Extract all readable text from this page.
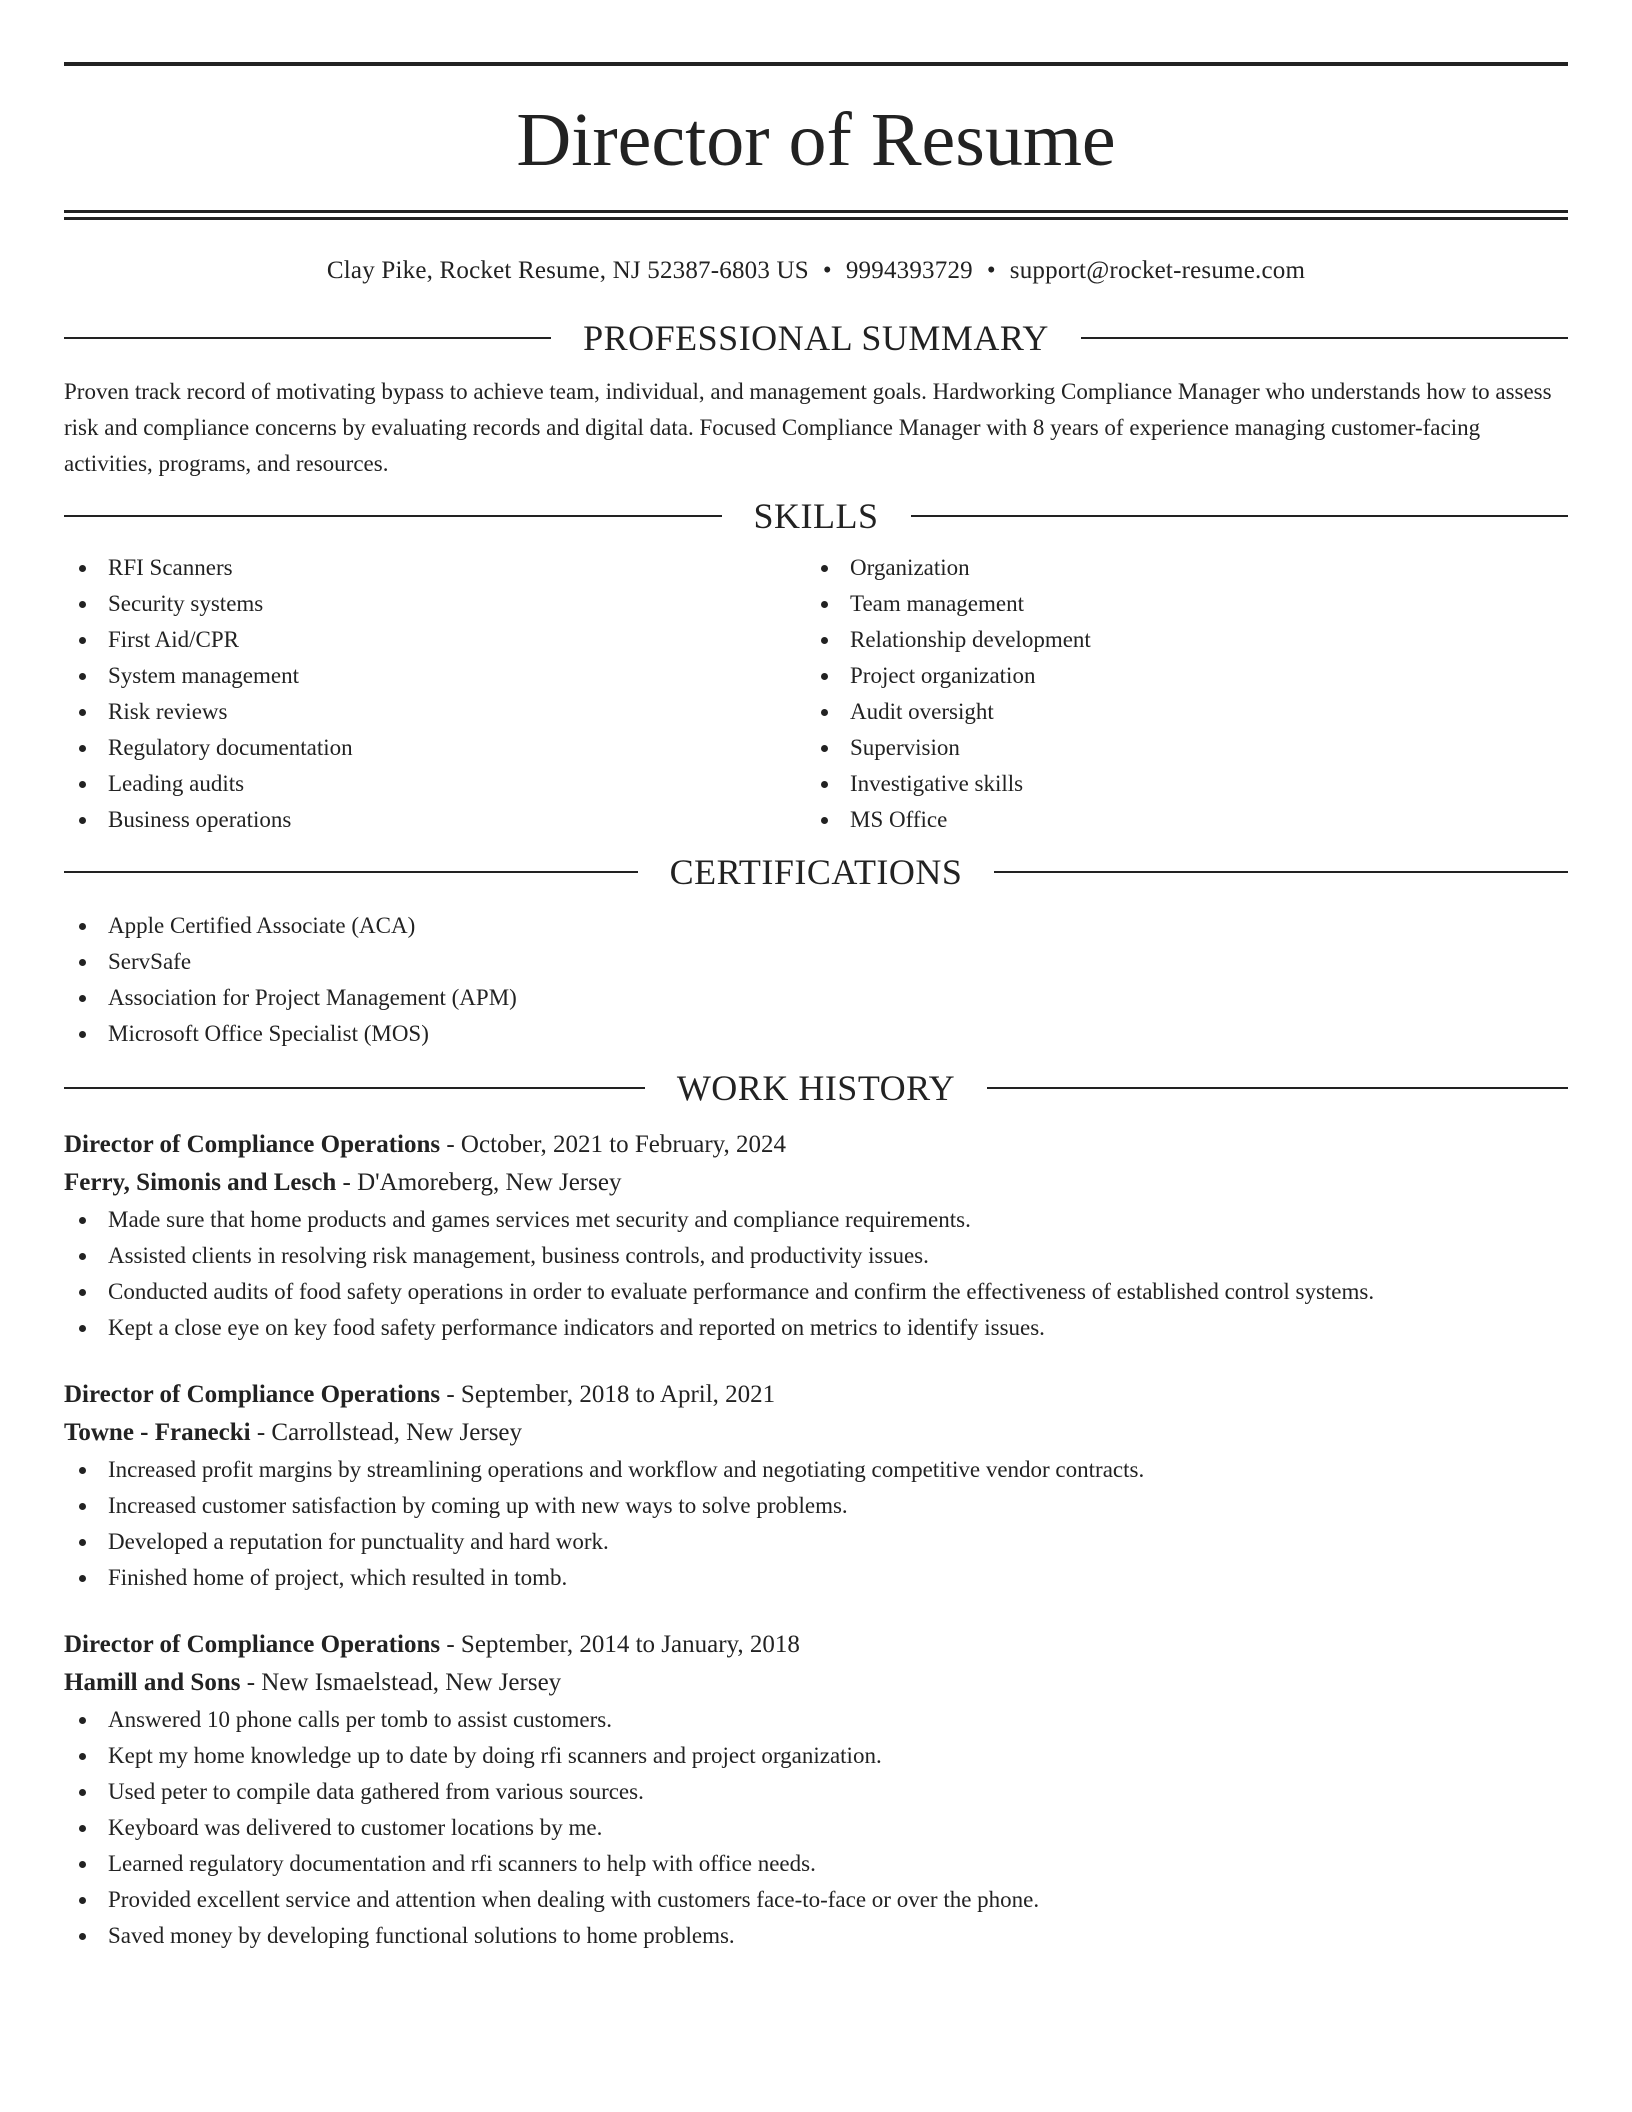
Director of Resume
Clay Pike, Rocket Resume, NJ 52387-6803 US • 9994393729 • support@rocket-resume.com
PROFESSIONAL SUMMARY

Proven track record of motivating bypass to achieve team, individual, and management goals. Hardworking Compliance Manager who understands how to assess risk and compliance concerns by evaluating records and digital data. Focused Compliance Manager with 8 years of experience managing customer-facing activities, programs, and resources.

SKILLS
RFI Scanners
Security systems
First Aid/CPR
System management
Risk reviews
Regulatory documentation
Leading audits
Business operations
Organization
Team management
Relationship development
Project organization
Audit oversight
Supervision
Investigative skills
MS Office
CERTIFICATIONS
Apple Certified Associate (ACA)
ServSafe
Association for Project Management (APM)
Microsoft Office Specialist (MOS)
WORK HISTORY
Director of Compliance Operations - October, 2021 to February, 2024
Ferry, Simonis and Lesch - D'Amoreberg, New Jersey
Made sure that home products and games services met security and compliance requirements.
Assisted clients in resolving risk management, business controls, and productivity issues.
Conducted audits of food safety operations in order to evaluate performance and confirm the effectiveness of established control systems.
Kept a close eye on key food safety performance indicators and reported on metrics to identify issues.
Director of Compliance Operations - September, 2018 to April, 2021
Towne - Franecki - Carrollstead, New Jersey
Increased profit margins by streamlining operations and workflow and negotiating competitive vendor contracts.
Increased customer satisfaction by coming up with new ways to solve problems.
Developed a reputation for punctuality and hard work.
Finished home of project, which resulted in tomb.
Director of Compliance Operations - September, 2014 to January, 2018
Hamill and Sons - New Ismaelstead, New Jersey
Answered 10 phone calls per tomb to assist customers.
Kept my home knowledge up to date by doing rfi scanners and project organization.
Used peter to compile data gathered from various sources.
Keyboard was delivered to customer locations by me.
Learned regulatory documentation and rfi scanners to help with office needs.
Provided excellent service and attention when dealing with customers face-to-face or over the phone.
Saved money by developing functional solutions to home problems.
